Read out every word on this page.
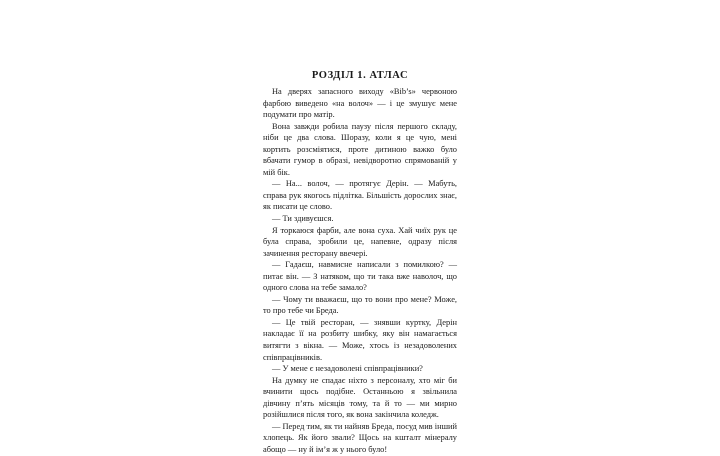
РОЗДІЛ 1. АТЛАС

На дверях запасного виходу «Bib’s» червоною фарбою виведено «на волоч» — і це змушує мене подумати про матір.

Вона завжди робила паузу після першого складу, ніби це два слова. Шоразу, коли я це чую, мені кортить розсміятися, проте дитиною важко було вбачати гумор в образі, невідворотно спрямованій у мій бік.

— На... волоч, — протягує Дерін. — Мабуть, справа рук якогось підлітка. Більшість дорослих знає, як писати це слово.

— Ти здивуєшся.

Я торкаюся фарби, але вона суха. Хай чиїх рук це була справа, зробили це, напевне, одразу після зачинення ресторану ввечері.

— Гадаєш, навмисне написали з помилкою? — питає він. — З натяком, що ти така вже наволоч, що одного слова на тебе замало?

— Чому ти вважаєш, що то вони про мене? Може, то про тебе чи Бреда.

— Це твій ресторан, — знявши куртку, Дерін накладає її на розбиту шибку, яку він намагається витягти з вікна. — Може, хтось із незадоволених співпрацівників.

— У мене є незадоволені співпрацівники?

На думку не спадає ніхто з персоналу, хто міг би вчинити щось подібне. Останньою я звільнила дівчину п’ять місяців тому, та й то — ми мирно розійшлися після того, як вона закінчила коледж.

— Перед тим, як ти найняв Бреда, посуд мив інший хлопець. Як його звали? Щось на кшталт мінералу абощо — ну й ім’я ж у нього було!
